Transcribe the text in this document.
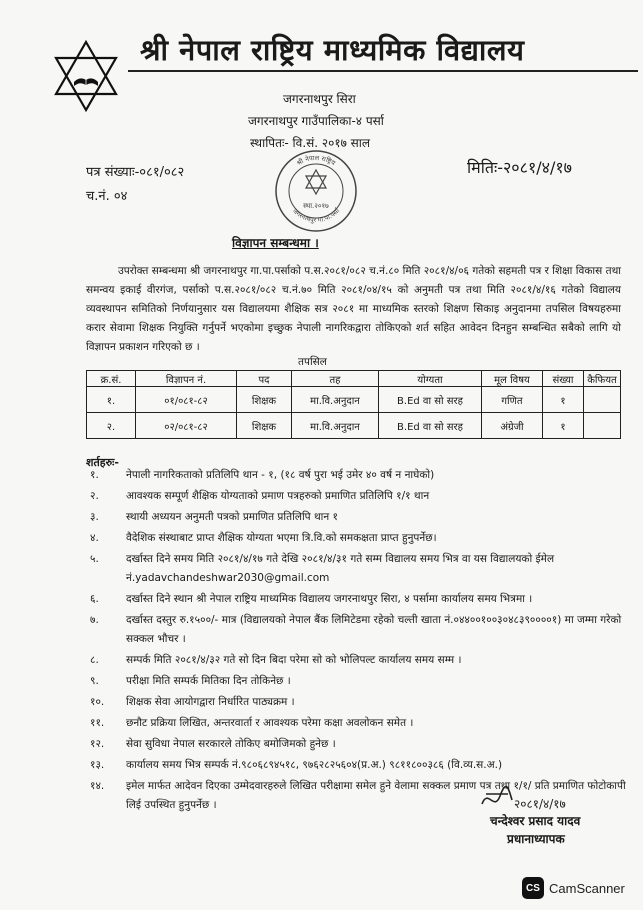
श्री नेपाल राष्ट्रिय माध्यमिक विद्यालय
जगरनाथपुर सिरा
जगरनाथपुर गाउँपालिका-४ पर्सा
स्थापितः- वि.सं. २०१७ साल
पत्र संख्याः-०८१/०८२	मितिः-२०८१/४/१७
च.नं. ०४
श्री नेपाल राष्ट्रिय
जगरनाथपुर गा.पा.पर्सा
स्था.२०१७
विज्ञापन सम्बन्धमा ।
उपरोक्त सम्बन्धमा श्री जगरनाथपुर गा.पा.पर्साको प.स.२०८१/०८२ च.नं.८० मिति २०८१/४/०६ गतेको सहमती पत्र र शिक्षा विकास तथा समन्वय इकाई वीरगंज, पर्साको प.स.२०८१/०८२ च.नं.७० मिति २०८१/०४/१५ को अनुमती पत्र तथा मिति २०८१/४/१६ गतेको विद्यालय व्यवस्थापन समितिको निर्णयानुसार यस विद्यालयमा शैक्षिक सत्र २०८१ मा माध्यमिक स्तरको शिक्षण सिकाइ अनुदानमा तपसिल विषयहरुमा करार सेवामा शिक्षक नियुक्ति गर्नुपर्ने भएकोमा इच्छुक नेपाली नागरिकद्वारा तोकिएको शर्त सहित आवेदन दिनहुन सम्बन्धित सबैको लागि यो विज्ञापन प्रकाशन गरिएको छ ।
तपसिल
क्र.सं.	विज्ञापन नं.	पद	तह	योग्यता	मूल विषय	संख्या	कैफियत
१.	०१/०८१-८२	शिक्षक	मा.वि.अनुदान	B.Ed वा सो सरह	गणित	१	
२.	०२/०८१-८२	शिक्षक	मा.वि.अनुदान	B.Ed वा सो सरह	अंग्रेजी	१	
शर्तहरुः-
१.	नेपाली नागरिकताको प्रतिलिपि थान - १, (१८ वर्ष पुरा भई उमेर ४० वर्ष न नाघेको)
२.	आवश्यक सम्पूर्ण शैक्षिक योग्यताको प्रमाण पत्रहरुको प्रमाणित प्रतिलिपि १/१ थान
३.	स्थायी अध्ययन अनुमती पत्रको प्रमाणित प्रतिलिपि थान १
४.	वैदेशिक संस्थाबाट प्राप्त शैक्षिक योग्यता भएमा त्रि.वि.को समकक्षता प्राप्त हुनुपर्नेछ।
५.	दर्खास्त दिने समय मिति २०८१/४/१७ गते देखि २०८१/४/३१ गते सम्म विद्यालय समय भित्र वा यस विद्यालयको ईमेल नं.yadavchandeshwar2030@gmail.com
६.	दर्खास्त दिने स्थान श्री नेपाल राष्ट्रिय माध्यमिक विद्यालय जगरनाथपुर सिरा, ४ पर्सामा कार्यालय समय भित्रमा ।
७.	दर्खास्त दस्तुर रु.१५००/- मात्र (विद्यालयको नेपाल बैंक लिमिटेडमा रहेको चल्ती खाता नं.०४४००१००३०४८३९००००१) मा जम्मा गरेको सक्कल भौचर ।
८.	सम्पर्क मिति २०८१/४/३२ गते सो दिन बिदा परेमा सो को भोलिपल्ट कार्यालय समय सम्म ।
९.	परीक्षा मिति सम्पर्क मितिका दिन तोकिनेछ ।
१०. शिक्षक सेवा आयोगद्वारा निर्धारित पाठ्यक्रम ।
११. छनौट प्रक्रिया लिखित, अन्तरवार्ता र आवश्यक परेमा कक्षा अवलोकन समेत ।
१२. सेवा सुविधा नेपाल सरकारले तोकिए बमोजिमको हुनेछ ।
१३. कार्यालय समय भित्र सम्पर्क नं.९८०६८९४५१८, ९७६२८२५६०४(प्र.अ.) ९८११८००३८६ (वि.व्य.स.अ.)
१४. इमेल मार्फत आदेवन दिएका उम्मेदवारहरुले लिखित परीक्षामा समेल हुने वेलामा सक्कल प्रमाण पत्र तथा १/१/ प्रति प्रमाणित फोटोकापी लिई उपस्थित हुनुपर्नेछ ।	२०८१/४/१७
चन्देश्वर प्रसाद यादव
प्रधानाध्यापक
CS CamScanner
